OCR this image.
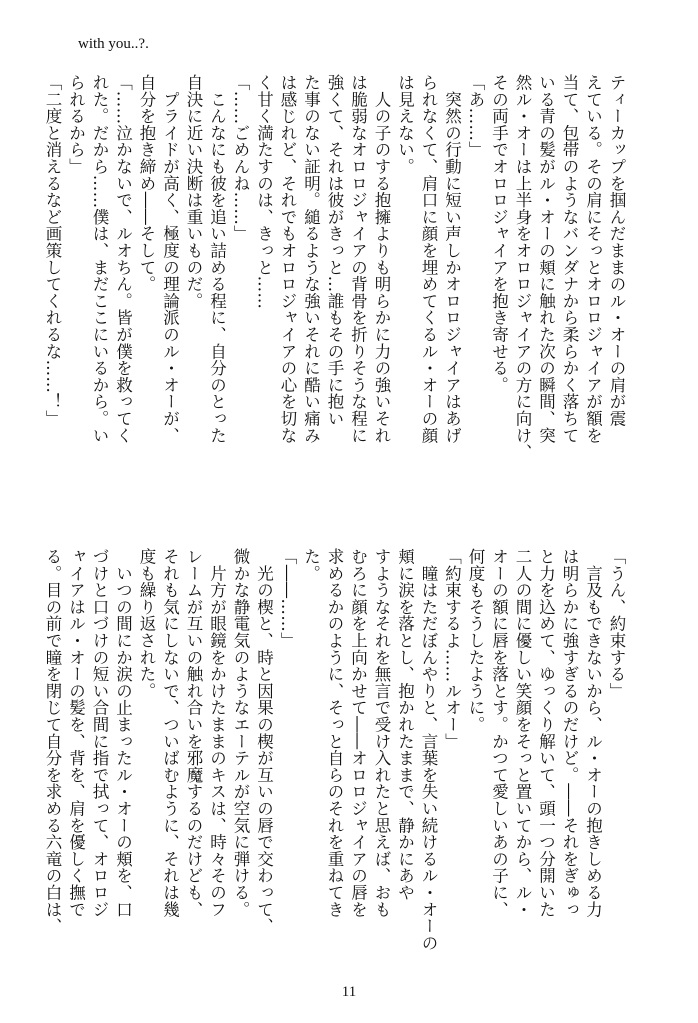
with you..?.

ティーカップを掴んだままのル・オーの肩が震

えている。その肩にそっとオロロジャイアが額を

当て、包帯のようなバンダナから柔らかく落ちて

いる青の髪がル・オーの頬に触れた次の瞬間、突

然ル・オーは上半身をオロロジャイアの方に向け、

その両手でオロロジャイアを抱き寄せる。

「あ……」

　突然の行動に短い声しかオロロジャイアはあげ

られなくて、肩口に顔を埋めてくるル・オーの顔

は見えない。

　人の子のする抱擁よりも明らかに力の強いそれ

は脆弱なオロロジャイアの背骨を折りそうな程に

強くて、それは彼がきっと…誰もその手に抱い

た事のない証明。縋るような強いそれに酷い痛み

は感じれど、それでもオロロジャイアの心を切な

く甘く満たすのは、きっと……

「……ごめんね……」

　こんなにも彼を追い詰める程に、自分のとった

自決に近い決断は重いものだ。

　プライドが高く、極度の理論派のル・オーが、

自分を抱き締め――そして。

「……泣かないで、ルオちん。皆が僕を救ってく

れた。だから……僕は、まだここにいるから。い

られるから」

「二度と消えるなど画策してくれるな……！」

「うん、約束する」

　言及もできないから、ル・オーの抱きしめる力

は明らかに強すぎるのだけど。――それをぎゅっ

と力を込めて、ゆっくり解いて、頭一つ分開いた

二人の間に優しい笑顔をそっと置いてから、ル・

オーの額に唇を落とす。かつて愛しいあの子に、

何度もそうしたように。

「約束するよ……ルオー」

　瞳はただぼんやりと、言葉を失い続けるル・オーの

頬に涙を落とし、抱かれたままで、静かにあや

すようなそれを無言で受け入れたと思えば、おも

むろに顔を上向かせて――オロロジャイアの唇を

求めるかのように、そっと自らのそれを重ねてき

た。

「――……」

　光の楔と、時と因果の楔が互いの唇で交わって、

微かな静電気のようなエーテルが空気に弾ける。

　片方が眼鏡をかけたままのキスは、時々そのフ

レームが互いの触れ合いを邪魔するのだけども、

それも気にしないで、ついばむように、それは幾

度も繰り返された。

　いつの間にか涙の止まったル・オーの頬を、口

づけと口づけの短い合間に指で拭って、オロロジ

ャイアはル・オーの髪を、背を、肩を優しく撫で

る。目の前で瞳を閉じて自分を求める六竜の白は、

11
